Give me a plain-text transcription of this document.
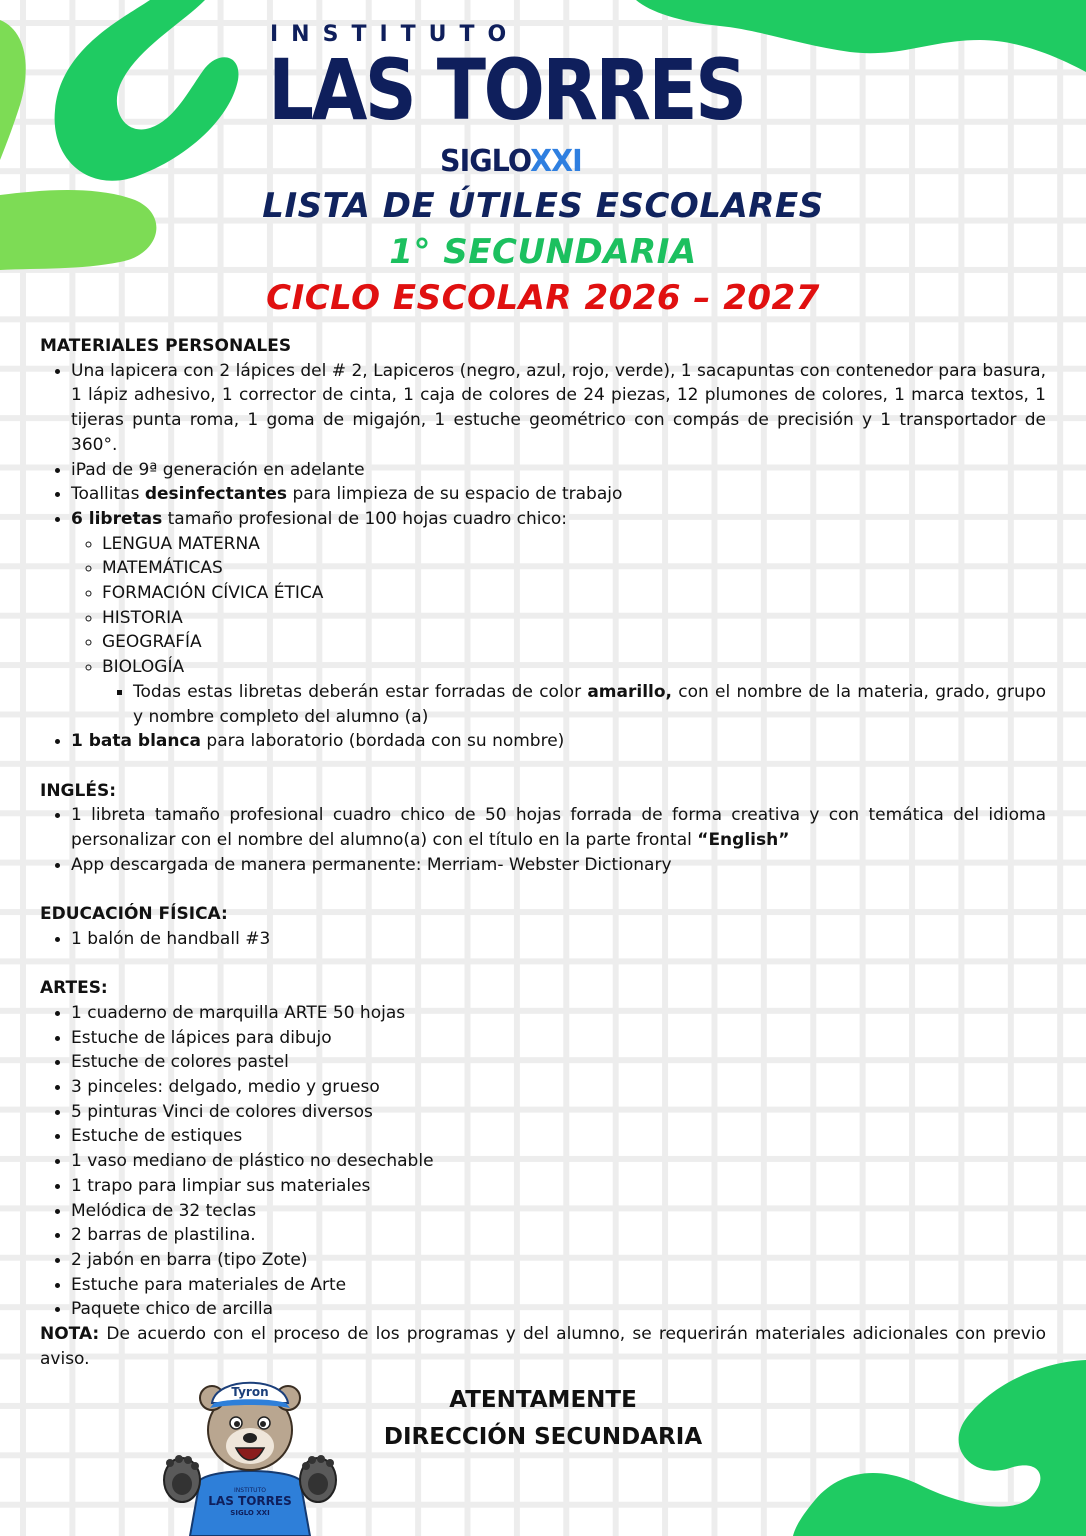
INSTITUTO
LAS TORRES
SIGLOXXI
LISTA DE ÚTILES ESCOLARES
1° SECUNDARIA
CICLO ESCOLAR 2026 – 2027

MATERIALES PERSONALES

• Una lapicera con 2 lápices del # 2, Lapiceros (negro, azul, rojo, verde), 1 sacapuntas con contenedor para basura, 1 lápiz adhesivo, 1 corrector de cinta, 1 caja de colores de 24 piezas, 12 plumones de colores, 1 marca textos, 1 tijeras punta roma, 1 goma de migajón, 1 estuche geométrico con compás de precisión y 1 transportador de 360°.
• iPad de 9ª generación en adelante
• Toallitas desinfectantes para limpieza de su espacio de trabajo
• 6 libretas tamaño profesional de 100 hojas cuadro chico:
◦ LENGUA MATERNA
◦ MATEMÁTICAS
◦ FORMACIÓN CÍVICA ÉTICA
◦ HISTORIA
◦ GEOGRAFÍA
◦ BIOLOGÍA
▪ Todas estas libretas deberán estar forradas de color amarillo, con el nombre de la materia, grado, grupo y nombre completo del alumno (a)
• 1 bata blanca para laboratorio (bordada con su nombre)

INGLÉS:

• 1 libreta tamaño profesional cuadro chico de 50 hojas forrada de forma creativa y con temática del idioma personalizar con el nombre del alumno(a) con el título en la parte frontal “English”
• App descargada de manera permanente: Merriam- Webster Dictionary

EDUCACIÓN FÍSICA:

• 1 balón de handball #3

ARTES:

• 1 cuaderno de marquilla ARTE 50 hojas
• Estuche de lápices para dibujo
• Estuche de colores pastel
• 3 pinceles: delgado, medio y grueso
• 5 pinturas Vinci de colores diversos
• Estuche de estiques
• 1 vaso mediano de plástico no desechable
• 1 trapo para limpiar sus materiales
• Melódica de 32 teclas
• 2 barras de plastilina.
• 2 jabón en barra (tipo Zote)
• Estuche para materiales de Arte
• Paquete chico de arcilla

NOTA: De acuerdo con el proceso de los programas y del alumno, se requerirán materiales adicionales con previo aviso.

Tyron
INSTITUTO
LAS TORRES
SIGLO XXI
ATENTAMENTE
DIRECCIÓN SECUNDARIA
